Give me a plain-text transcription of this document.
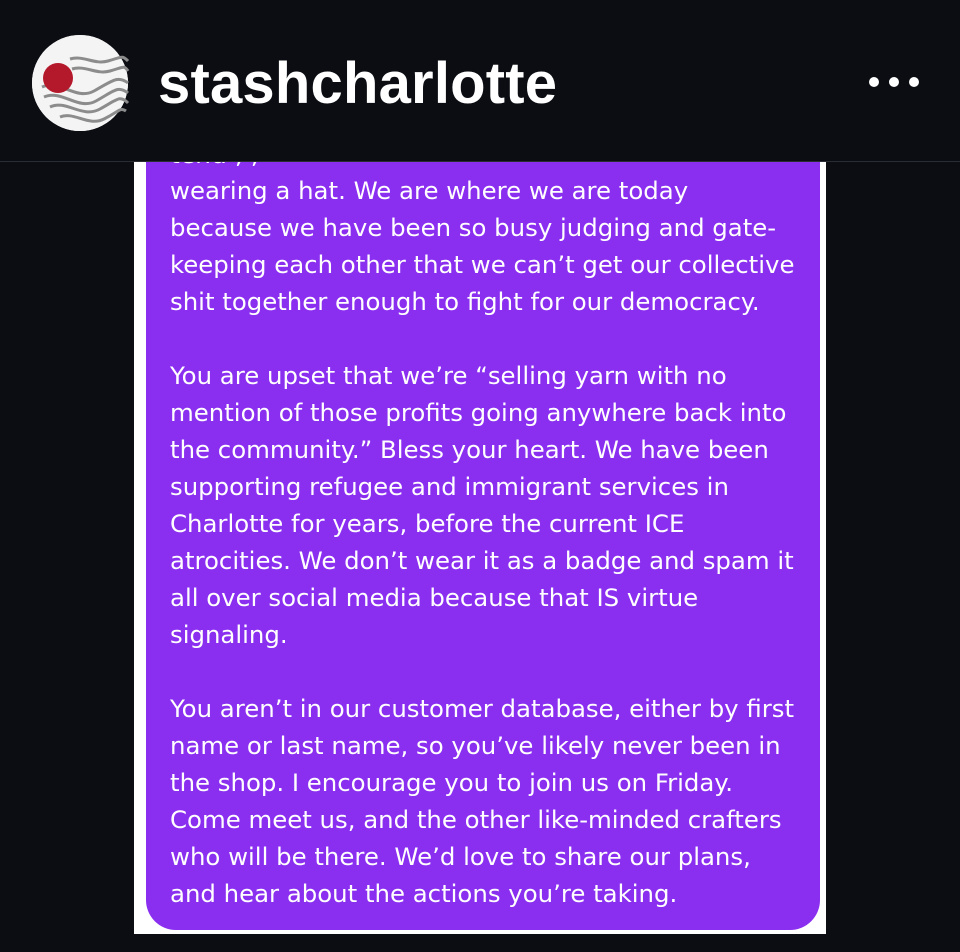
stashcharlotte
wearing a hat. We are where we are today
because we have been so busy judging and gate-
keeping each other that we can’t get our collective
shit together enough to fight for our democracy.
You are upset that we’re “selling yarn with no
mention of those profits going anywhere back into
the community.” Bless your heart. We have been
supporting refugee and immigrant services in
Charlotte for years, before the current ICE
atrocities. We don’t wear it as a badge and spam it
all over social media because that IS virtue
signaling.
You aren’t in our customer database, either by first
name or last name, so you’ve likely never been in
the shop. I encourage you to join us on Friday.
Come meet us, and the other like-minded crafters
who will be there. We’d love to share our plans,
and hear about the actions you’re taking.
